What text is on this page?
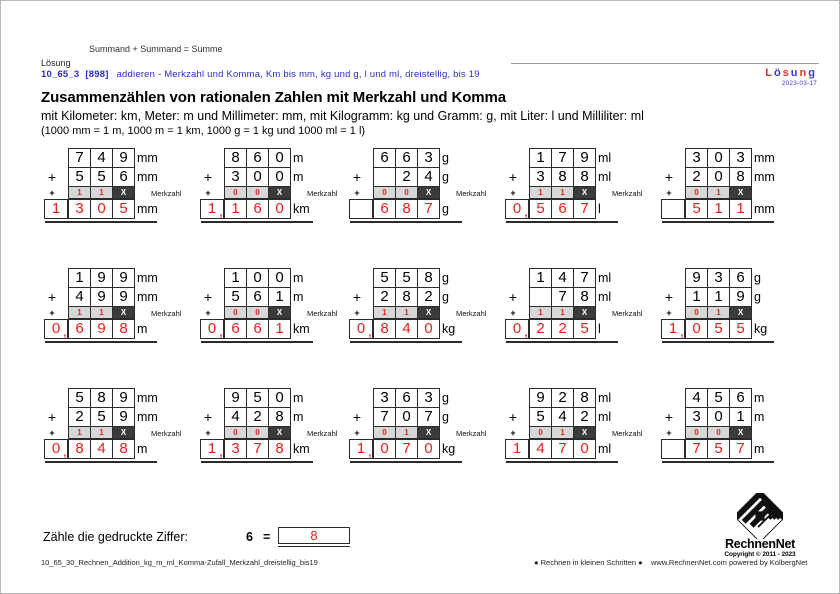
Summand + Summand = Summe
Lösung
10_65_3 [898] addieren - Merkzahl und Komma, Km bis mm, kg und g, l und ml, dreistellig, bis 19	Lösung
2023-03-17
Zusammenzählen von rationalen Zahlen mit Merkzahl und Komma
mit Kilometer: km, Meter: m und Millimeter: mm, mit Kilogramm: kg und Gramm: g, mit Liter: l und Milliliter: ml
(1000 mm = 1 m, 1000 m = 1 km, 1000 g = 1 kg und 1000 ml = 1 l)
7 4 9 mm
+	5 5 6 mm
+	1	1	X	Merkzahl
1	3 0 5 mm
8 6 0 m
+	3 0 0 m
+	0	0	X	Merkzahl
1 ,	1 6 0 km
6 6 3 g
+	2 4 g
+	0	0	X	Merkzahl
6 8 7 g
1 7 9 ml
+	3 8 8 ml
+	1	1	X	Merkzahl
0 ,	5 6 7 l
3 0 3 mm
+	2 0 8 mm
+	0	1	X
5 1 1 mm
1 9 9 mm
+	4 9 9 mm
+	1	1	X	Merkzahl
0 ,	6 9 8 m
1 0 0 m
+	5 6 1 m
+	0	0	X	Merkzahl
0 ,	6 6 1 km
5 5 8 g
+	2 8 2 g
+	1	1	X	Merkzahl
0 ,	8 4 0 kg
1 4 7 ml
+	7 8 ml
+	1	1	X	Merkzahl
0 ,	2 2 5 l
9 3 6 g
+	1 1 9 g
+	0	1	X
1 ,	0 5 5 kg
5 8 9 mm
+	2 5 9 mm
+	1	1	X	Merkzahl
0 ,	8 4 8 m
9 5 0 m
+	4 2 8 m
+	0	0	X	Merkzahl
1 ,	3 7 8 km
3 6 3 g
+	7 0 7 g
+	0	1	X	Merkzahl
1 ,	0 7 0 kg
9 2 8 ml
+	5 4 2 ml
+	0	1	X	Merkzahl
1	4 7 0 ml
4 5 6 m
+	3 0 1 m
+	0	0	X
7 5 7 m
Zähle die gedruckte Ziffer:	6 =	8
RechnenNet
Copyright © 2011 - 2023
10_65_30_Rechnen_Addition_kg_m_ml_Komma-Zufall_Merkzahl_dreistellig_bis19	● Rechnen in kleinen Schritten ● www.RechnenNet.com powered by KolbergNet
